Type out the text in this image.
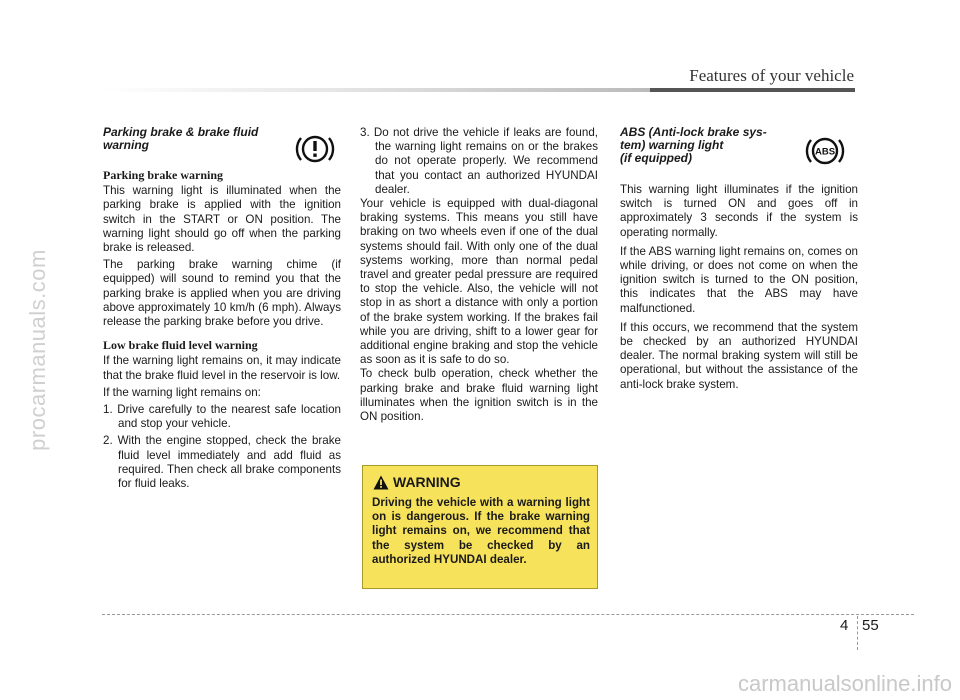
procarmanuals.com
Features of your vehicle
Parking brake & brake fluid
warning

Parking brake warning

This warning light is illuminated when the parking brake is applied with the ignition switch in the START or ON position. The warning light should go off when the parking brake is released.

The parking brake warning chime (if equipped) will sound to remind you that the parking brake is applied when you are driving above approximately 10 km/h (6 mph). Always release the parking brake before you drive.

Low brake fluid level warning

If the warning light remains on, it may indicate that the brake fluid level in the reservoir is low.

If the warning light remains on:

1. Drive carefully to the nearest safe location and stop your vehicle.

2. With the engine stopped, check the brake fluid level immediately and add fluid as required. Then check all brake components for fluid leaks.

3. Do not drive the vehicle if leaks are found, the warning light remains on or the brakes do not operate properly. We recommend that you contact an authorized HYUNDAI dealer.

Your vehicle is equipped with dual-diagonal braking systems. This means you still have braking on two wheels even if one of the dual systems should fail. With only one of the dual systems working, more than normal pedal travel and greater pedal pressure are required to stop the vehicle. Also, the vehicle will not stop in as short a distance with only a portion of the brake system working. If the brakes fail while you are driving, shift to a lower gear for additional engine braking and stop the vehicle as soon as it is safe to do so.

To check bulb operation, check whether the parking brake and brake fluid warning light illuminates when the ignition switch is in the ON position.

WARNING
Driving the vehicle with a warning light on is dangerous. If the brake warning light remains on, we recommend that the system be checked by an authorized HYUNDAI dealer.
ABS (Anti-lock brake sys-
tem) warning light
(if equipped)

This warning light illuminates if the ignition switch is turned ON and goes off in approximately 3 seconds if the system is operating normally.

If the ABS warning light remains on, comes on while driving, or does not come on when the ignition switch is turned to the ON position, this indicates that the ABS may have malfunctioned.

If this occurs, we recommend that the system be checked by an authorized HYUNDAI dealer. The normal braking system will still be operational, but without the assistance of the anti-lock brake system.

ABS
4 55
carmanualsonline.info
